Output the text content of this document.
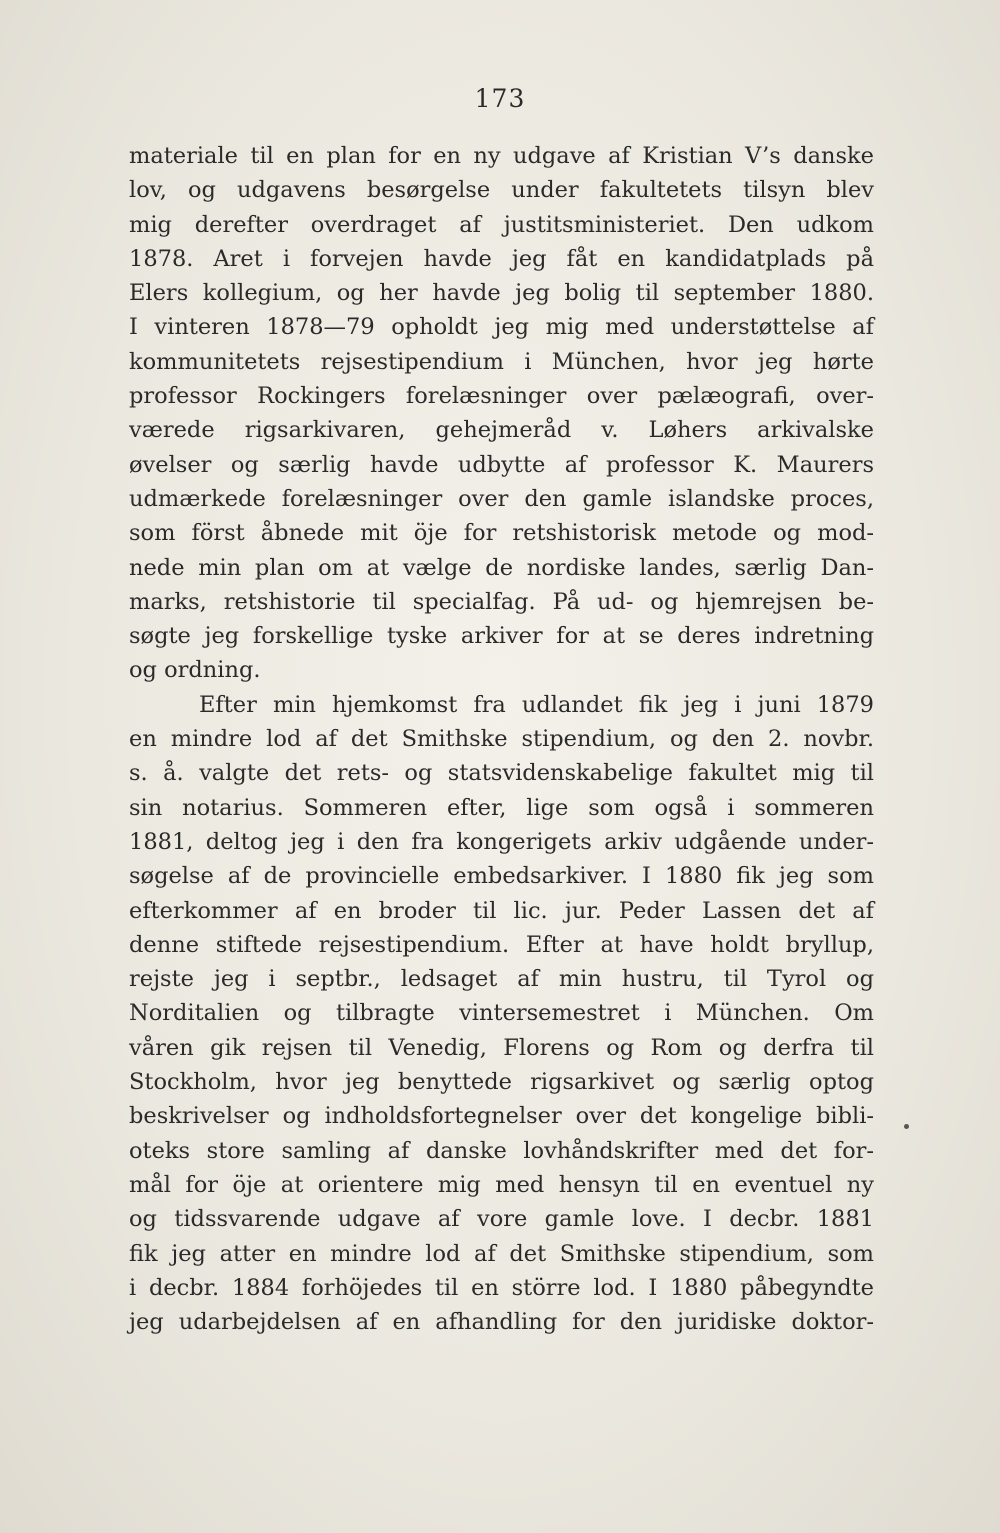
173
materiale til en plan for en ny udgave af Kristian V’s danske
lov, og udgavens besørgelse under fakultetets tilsyn blev
mig derefter overdraget af justitsministeriet. Den udkom
1878. Aret i forvejen havde jeg fåt en kandidatplads på
Elers kollegium, og her havde jeg bolig til september 1880.
I vinteren 1878—79 opholdt jeg mig med understøttelse af
kommunitetets rejsestipendium i München, hvor jeg hørte
professor Rockingers forelæsninger over pælæografi, over-
værede rigsarkivaren, gehejmeråd v. Løhers arkivalske
øvelser og særlig havde udbytte af professor K. Maurers
udmærkede forelæsninger over den gamle islandske proces,
som först åbnede mit öje for retshistorisk metode og mod-
nede min plan om at vælge de nordiske landes, særlig Dan-
marks, retshistorie til specialfag. På ud- og hjemrejsen be-
søgte jeg forskellige tyske arkiver for at se deres indretning
og ordning.
Efter min hjemkomst fra udlandet fik jeg i juni 1879
en mindre lod af det Smithske stipendium, og den 2. novbr.
s. å. valgte det rets- og statsvidenskabelige fakultet mig til
sin notarius. Sommeren efter, lige som også i sommeren
1881, deltog jeg i den fra kongerigets arkiv udgående under-
søgelse af de provincielle embedsarkiver. I 1880 fik jeg som
efterkommer af en broder til lic. jur. Peder Lassen det af
denne stiftede rejsestipendium. Efter at have holdt bryllup,
rejste jeg i septbr., ledsaget af min hustru, til Tyrol og
Norditalien og tilbragte vintersemestret i München. Om
våren gik rejsen til Venedig, Florens og Rom og derfra til
Stockholm, hvor jeg benyttede rigsarkivet og særlig optog
beskrivelser og indholdsfortegnelser over det kongelige bibli-
oteks store samling af danske lovhåndskrifter med det for-
mål for öje at orientere mig med hensyn til en eventuel ny
og tidssvarende udgave af vore gamle love. I decbr. 1881
fik jeg atter en mindre lod af det Smithske stipendium, som
i decbr. 1884 forhöjedes til en större lod. I 1880 påbegyndte
jeg udarbejdelsen af en afhandling for den juridiske doktor-
